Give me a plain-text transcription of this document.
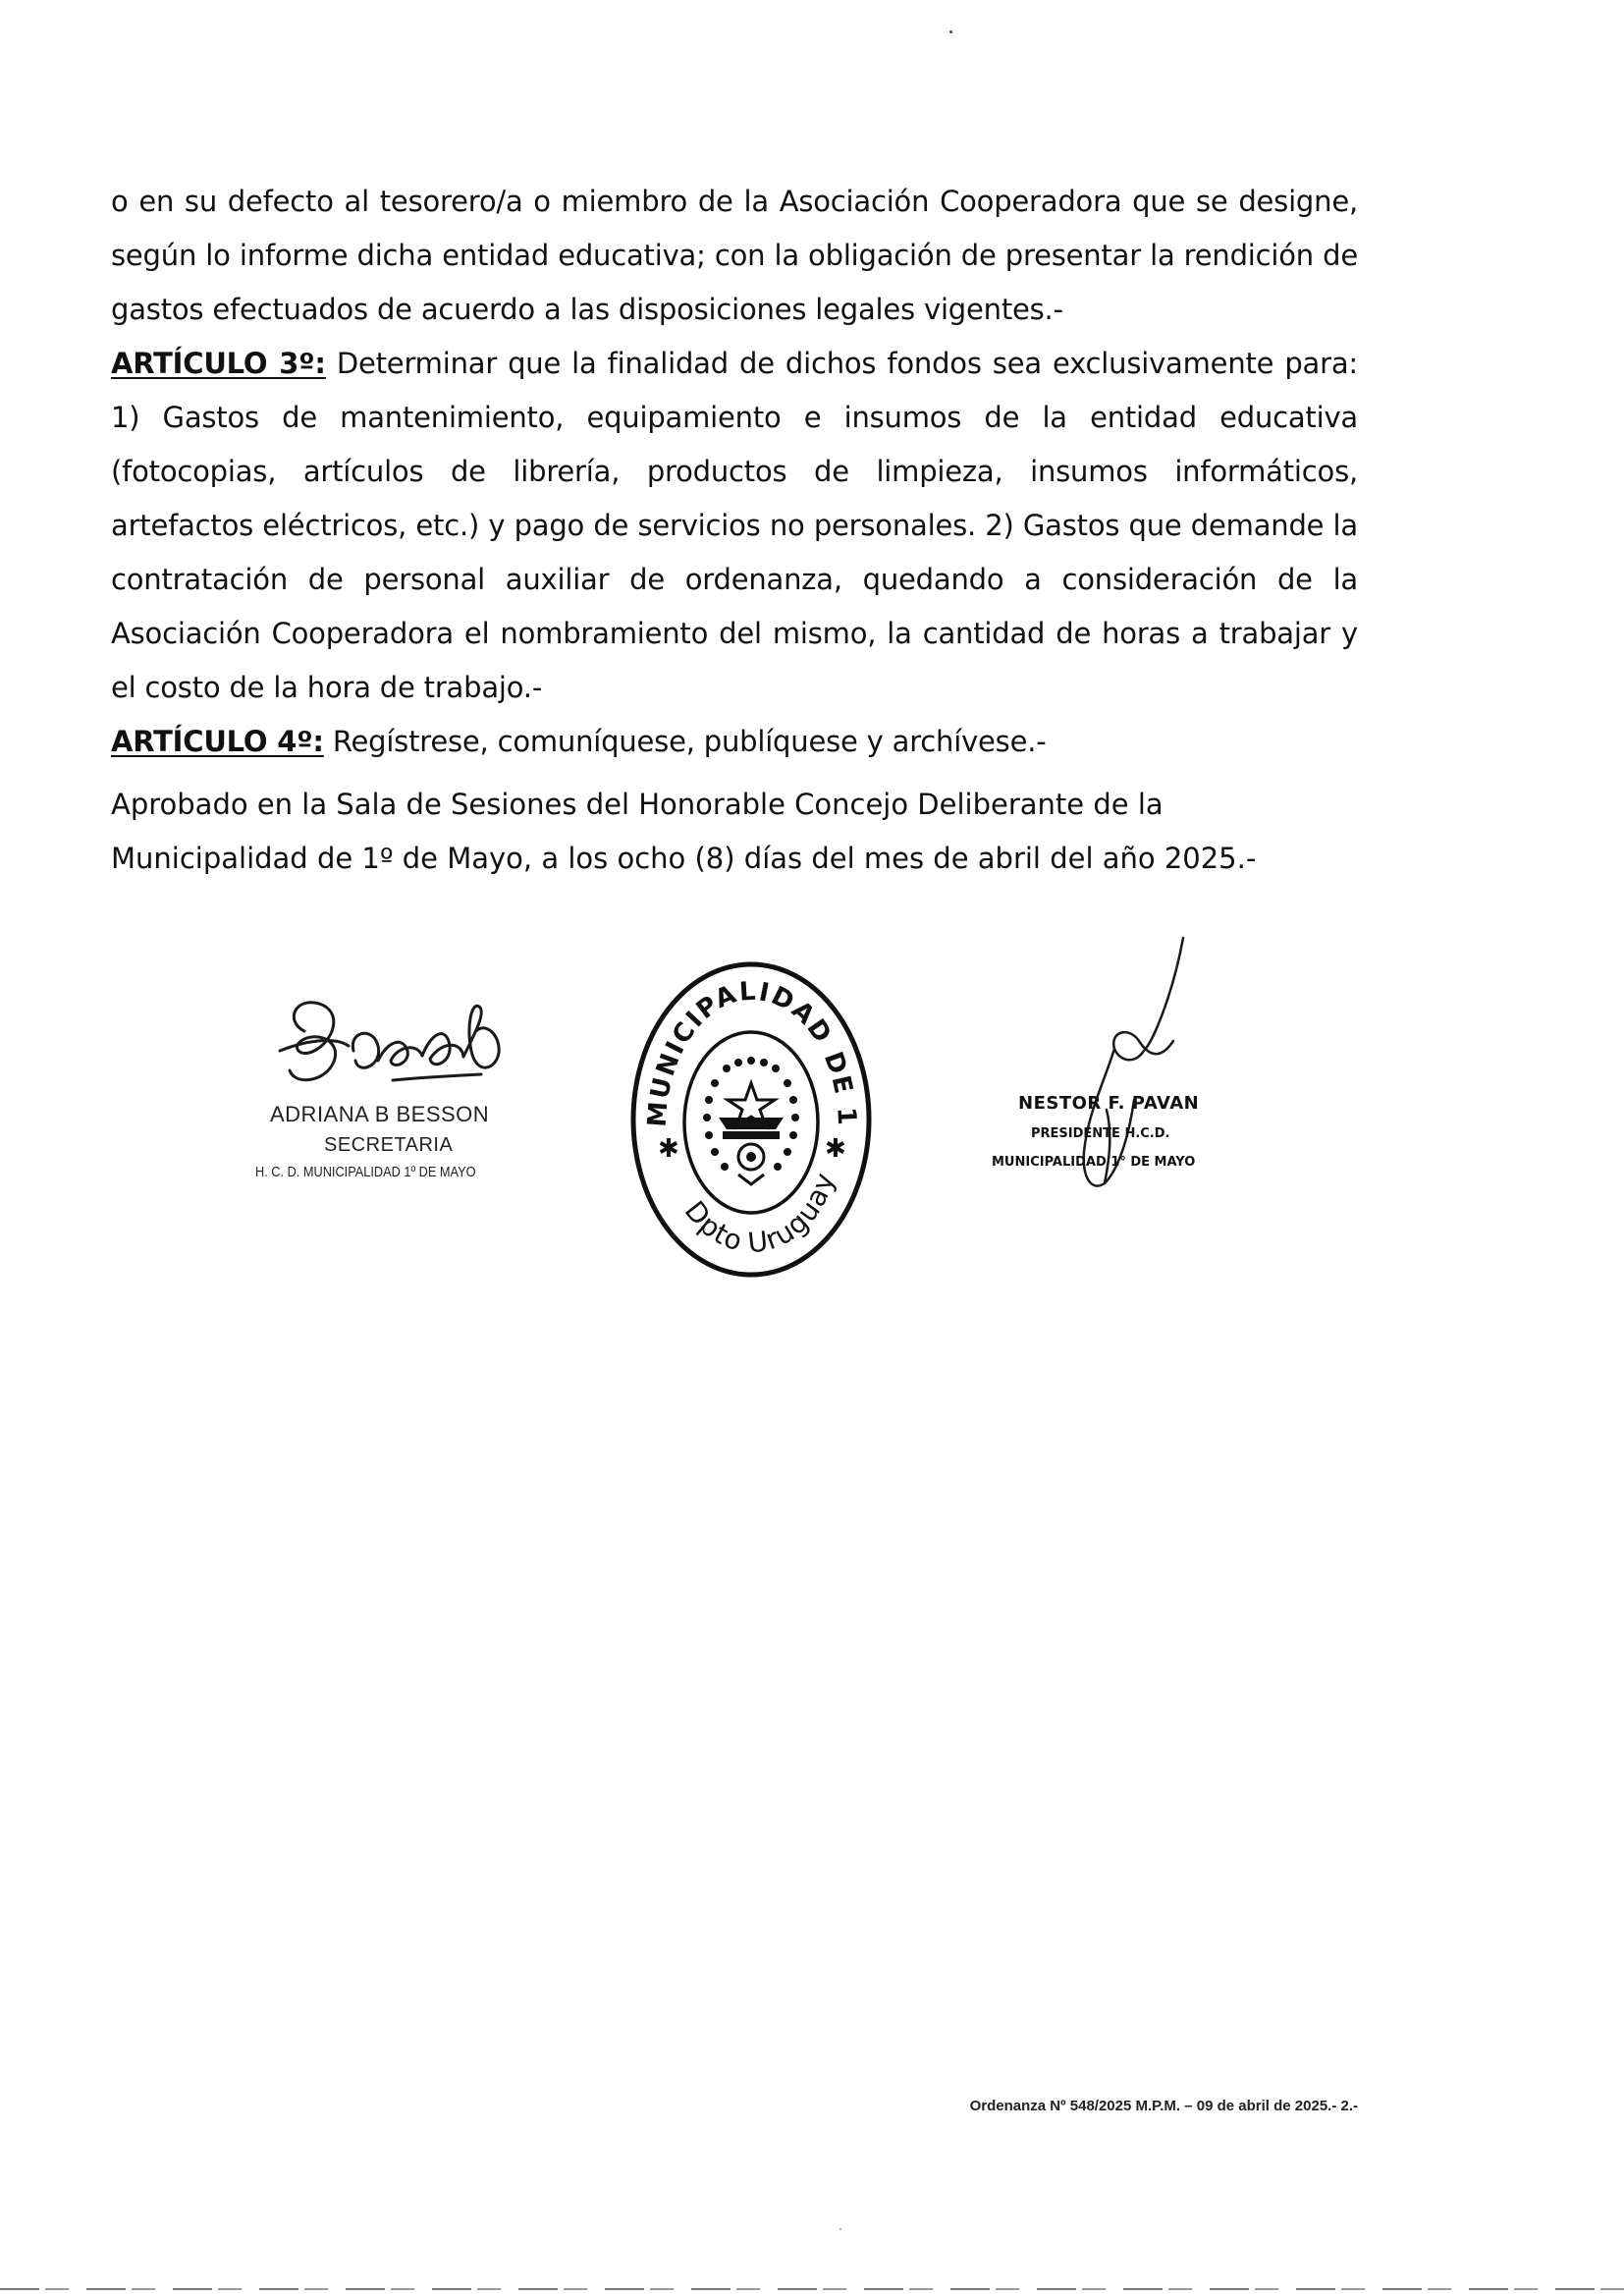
o en su defecto al tesorero/a o miembro de la Asociación Cooperadora que se designe, según lo informe dicha entidad educativa; con la obligación de presentar la rendición de gastos efectuados de acuerdo a las disposiciones legales vigentes.-

ARTÍCULO 3º: Determinar que la finalidad de dichos fondos sea exclusivamente para: 1) Gastos de mantenimiento, equipamiento e insumos de la entidad educativa (fotocopias, artículos de librería, productos de limpieza, insumos informáticos, artefactos eléctricos, etc.) y pago de servicios no personales. 2) Gastos que demande la contratación de personal auxiliar de ordenanza, quedando a consideración de la Asociación Cooperadora el nombramiento del mismo, la cantidad de horas a trabajar y el costo de la hora de trabajo.-

ARTÍCULO 4º: Regístrese, comuníquese, publíquese y archívese.-

Aprobado en la Sala de Sesiones del Honorable Concejo Deliberante de la Municipalidad de 1º de Mayo, a los ocho (8) días del mes de abril del año 2025.-

ADRIANA B BESSON
SECRETARIA
H. C. D. MUNICIPALIDAD 1º DE MAYO
MUNICIPALIDAD DE 1
Dpto Uruguay
✱	✱
NESTOR F. PAVAN
PRESIDENTE H.C.D.
MUNICIPALIDAD 1° DE MAYO
Ordenanza Nº 548/2025 M.P.M. – 09 de abril de 2025.- 2.-
